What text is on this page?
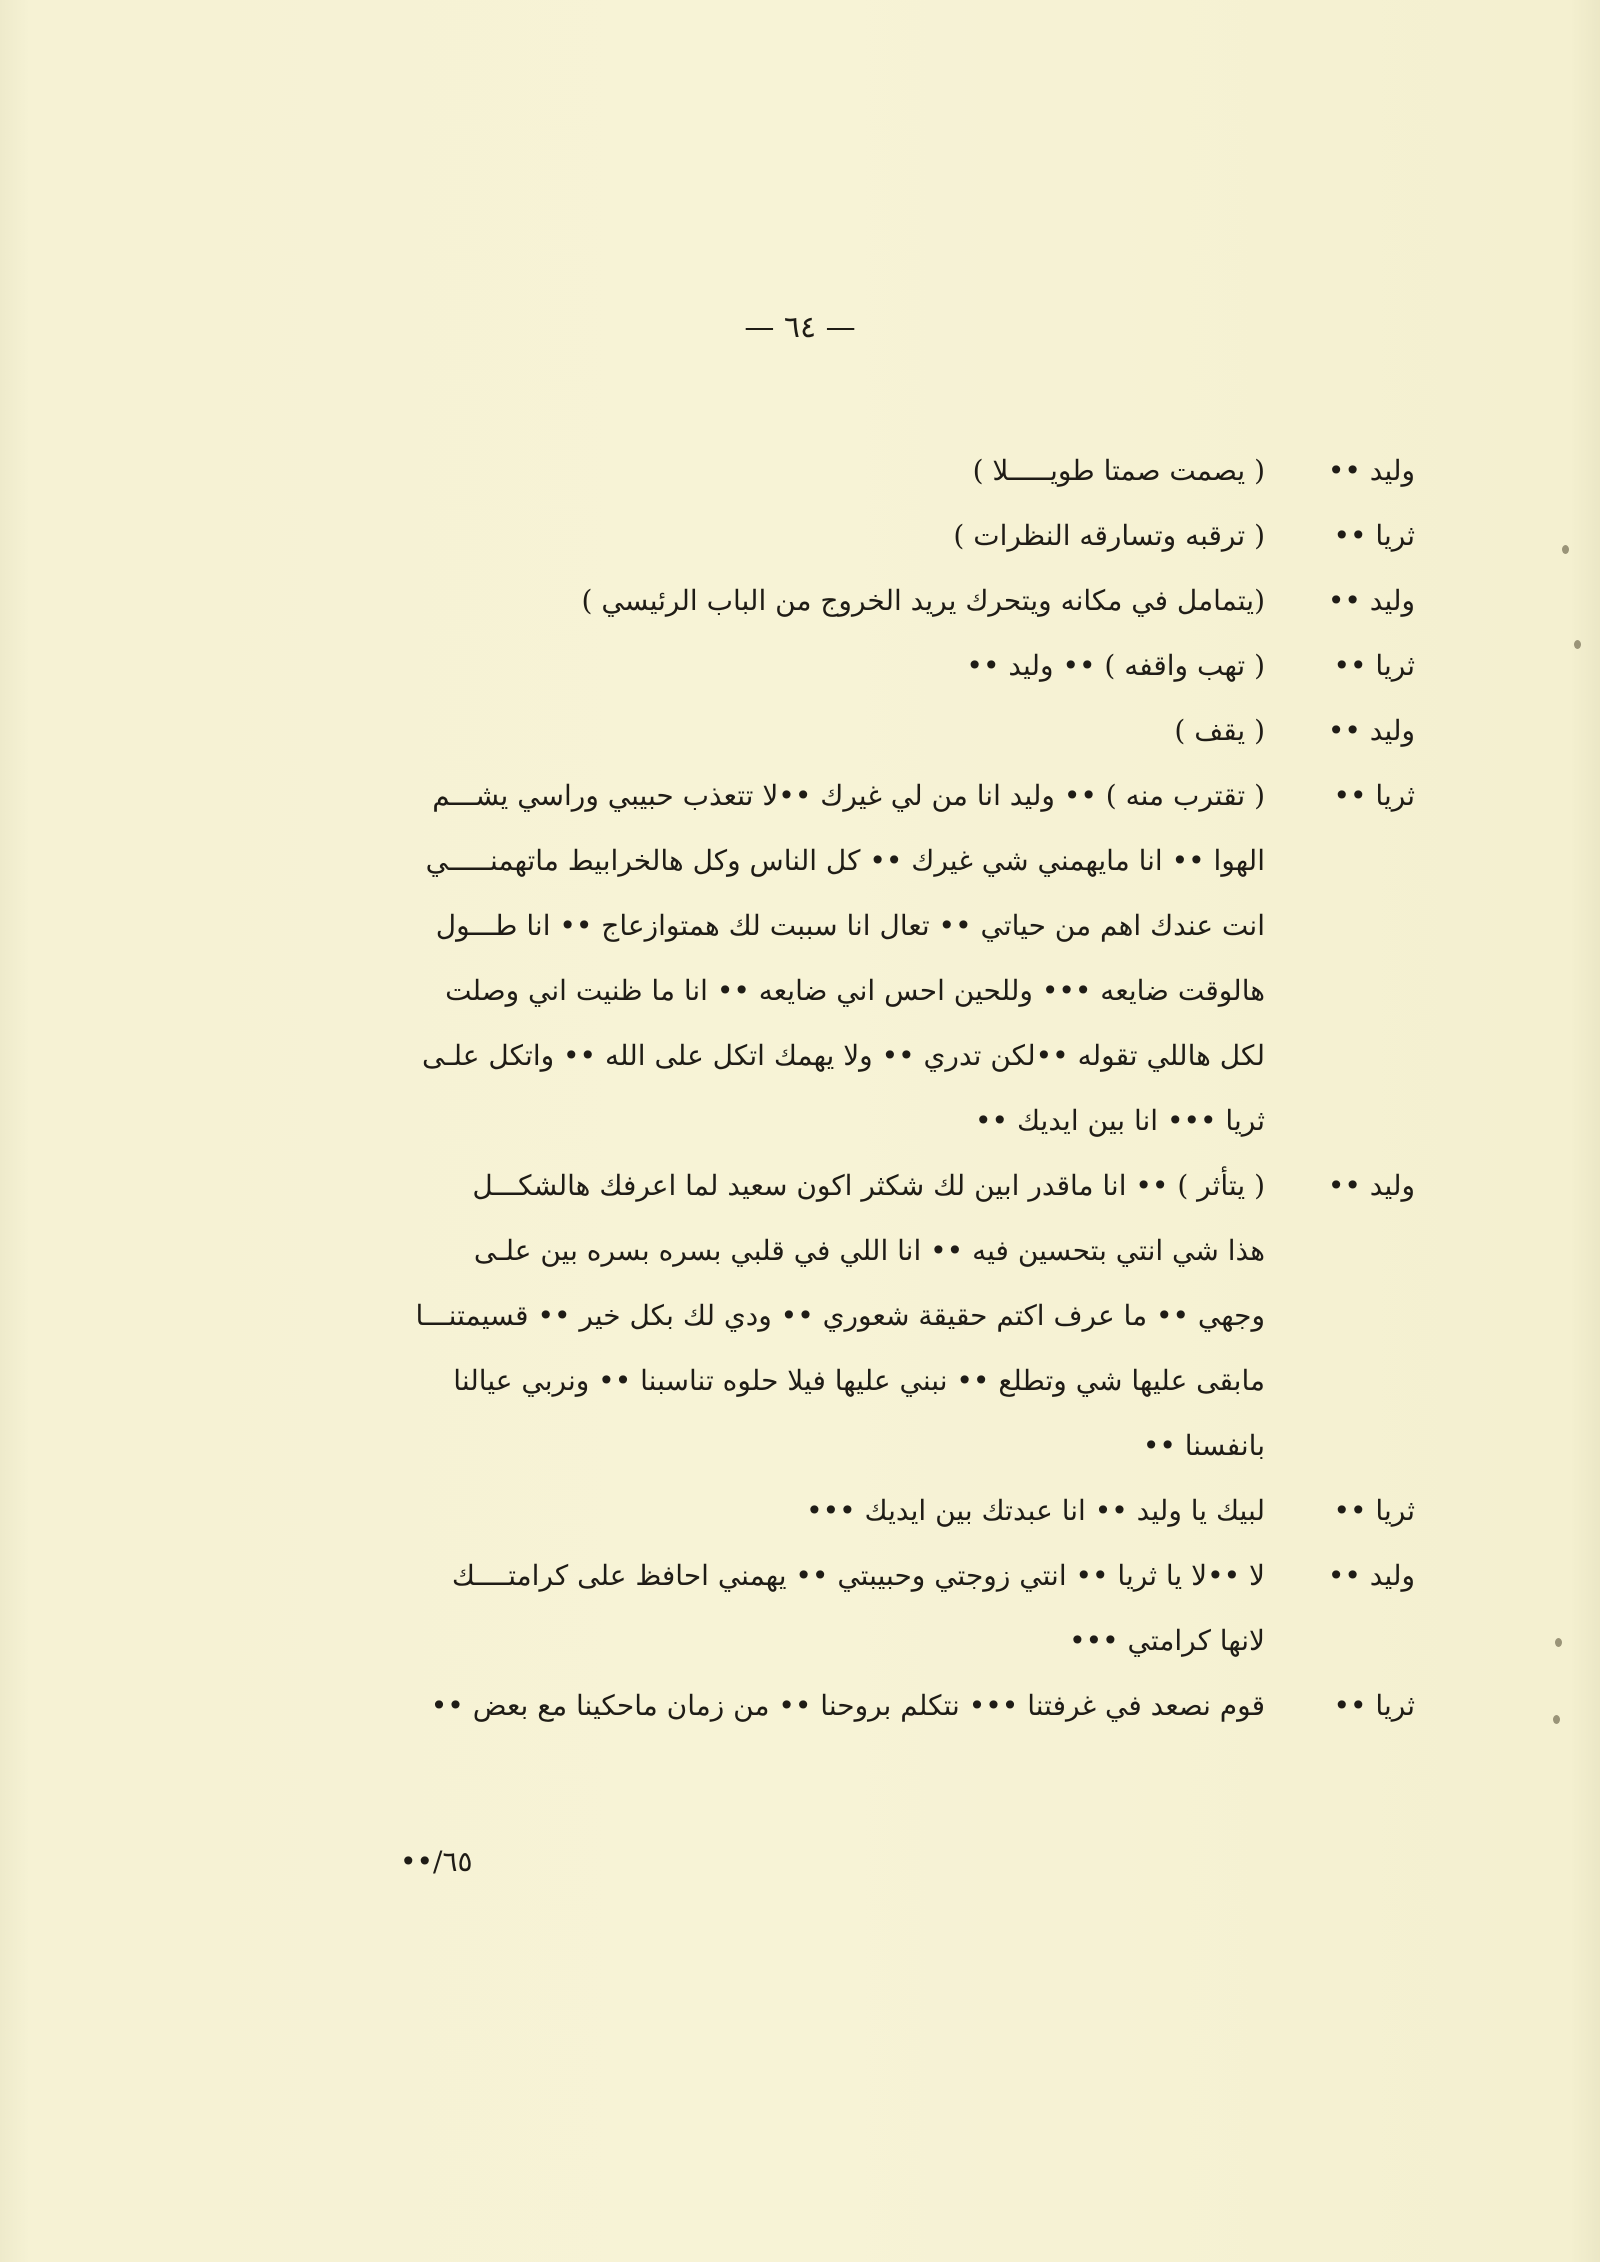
— ٦٤ —
وليد ••
( يصمت صمتا طويـــــلا )
ثريا ••
( ترقبه وتسارقه النظرات )
وليد ••
(يتمامل في مكانه ويتحرك يريد الخروج من الباب الرئيسي )
ثريا ••
( تهب واقفه ) •• وليد ••
وليد ••
( يقف )
ثريا ••
( تقترب منه ) •• وليد انا من لي غيرك ••لا تتعذب حبيبي وراسي يشـــم
الهوا •• انا مايهمني شي غيرك •• كل الناس وكل هالخرابيط ماتهمنـــــي
انت عندك اهم من حياتي •• تعال انا سببت لك همتوازعاج •• انا طـــول
هالوقت ضايعه ••• وللحين احس اني ضايعه •• انا ما ظنيت اني وصلت
لكل هاللي تقوله ••لكن تدري •• ولا يهمك اتكل على الله •• واتكل علـى
ثريا ••• انا بين ايديك ••
وليد ••
( يتأثر ) •• انا ماقدر ابين لك شكثر اكون سعيد لما اعرفك هالشكـــل
هذا شي انتي بتحسين فيه •• انا اللي في قلبي بسره بسره بين علـى
وجهي •• ما عرف اكتم حقيقة شعوري •• ودي لك بكل خير •• قسيمتنـــا
مابقى عليها شي وتطلع •• نبني عليها فيلا حلوه تناسبنا •• ونربي عيالنا
بانفسنا ••
ثريا ••
لبيك يا وليد •• انا عبدتك بين ايديك •••
وليد ••
لا ••لا يا ثريا •• انتي زوجتي وحبيبتي •• يهمني احافظ على كرامتــــك
لانها كرامتي •••
ثريا ••
قوم نصعد في غرفتنا ••• نتكلم بروحنا •• من زمان ماحكينا مع بعض ••
٦٥/••
